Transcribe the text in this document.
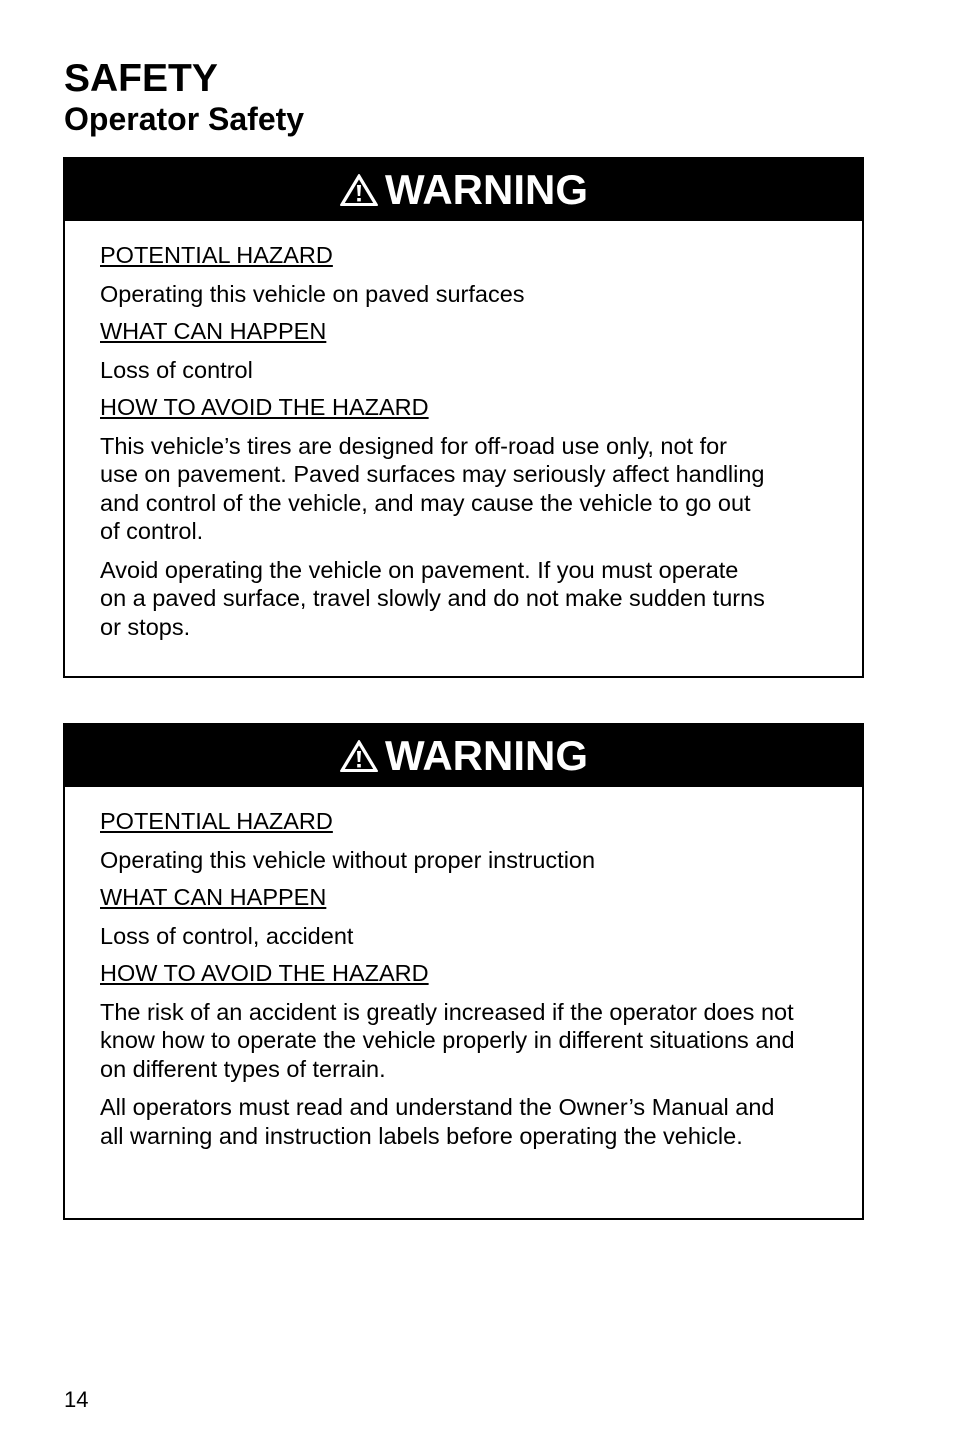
SAFETY
Operator Safety
WARNING

POTENTIAL HAZARD

Operating this vehicle on paved surfaces

WHAT CAN HAPPEN

Loss of control

HOW TO AVOID THE HAZARD

This vehicle’s tires are designed for off-road use only, not for use on pavement. Paved surfaces may seriously affect handling and control of the vehicle, and may cause the vehicle to go out of control.

Avoid operating the vehicle on pavement. If you must operate on a paved surface, travel slowly and do not make sudden turns or stops.

WARNING

POTENTIAL HAZARD

Operating this vehicle without proper instruction

WHAT CAN HAPPEN

Loss of control, accident

HOW TO AVOID THE HAZARD

The risk of an accident is greatly increased if the operator does not know how to operate the vehicle properly in different situations and on different types of terrain.

All operators must read and understand the Owner’s Manual and all warning and instruction labels before operating the vehicle.

14
